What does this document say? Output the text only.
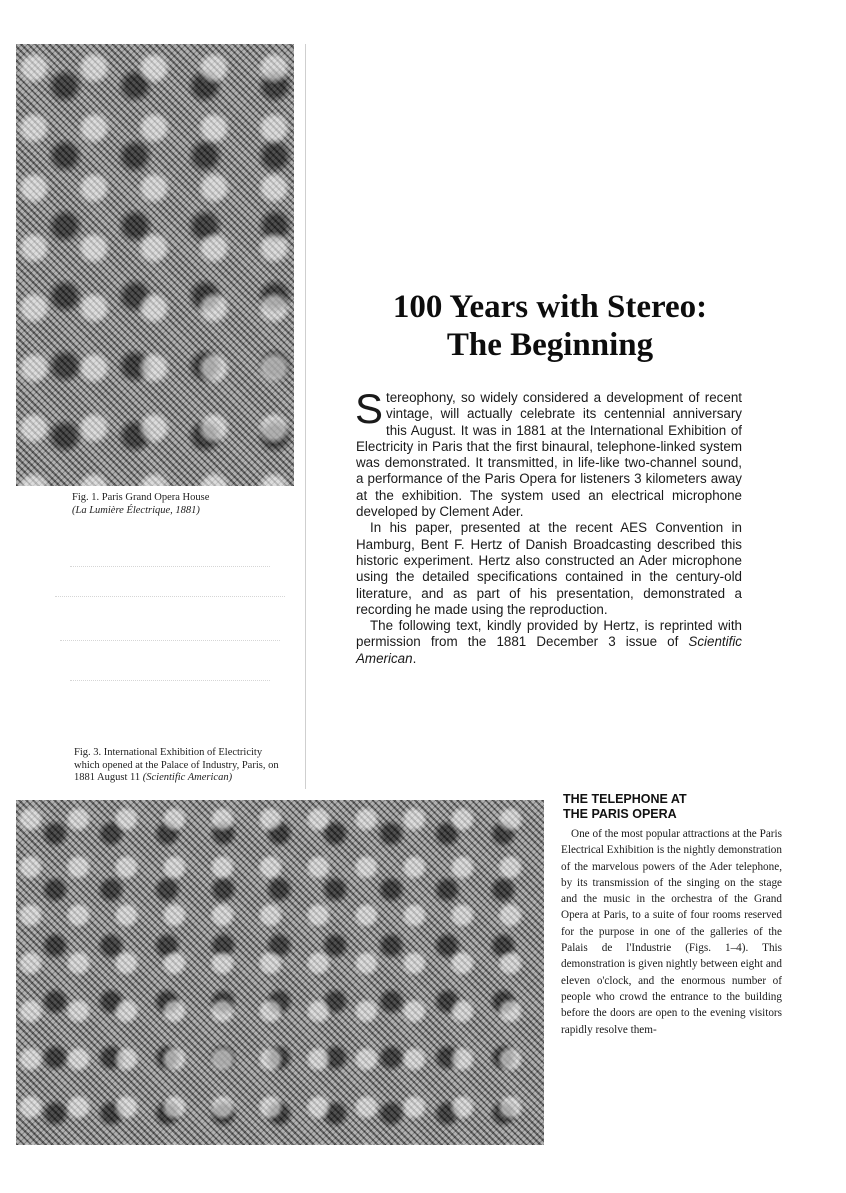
Fig. 1. Paris Grand Opera House
(La Lumière Électrique, 1881)
Fig. 3. International Exhibition of Electricity which opened at the Palace of Industry, Paris, on 1881 August 11 (Scientific American)
100 Years with Stereo:
The Beginning

Stereophony, so widely considered a development of recent vintage, will actually celebrate its centennial anniversary this August. It was in 1881 at the International Exhibition of Electricity in Paris that the first binaural, telephone-linked system was demonstrated. It transmitted, in life-like two-channel sound, a performance of the Paris Opera for listeners 3 kilometers away at the exhibition. The system used an electrical microphone developed by Clement Ader.

In his paper, presented at the recent AES Convention in Hamburg, Bent F. Hertz of Danish Broadcasting described this historic experiment. Hertz also constructed an Ader microphone using the detailed specifications contained in the century-old literature, and as part of his presentation, demonstrated a recording he made using the reproduction.

The following text, kindly provided by Hertz, is reprinted with permission from the 1881 December 3 issue of Scientific American.

THE TELEPHONE AT
THE PARIS OPERA

One of the most popular attractions at the Paris Electrical Exhibition is the nightly demonstration of the marvelous powers of the Ader telephone, by its transmission of the singing on the stage and the music in the orchestra of the Grand Opera at Paris, to a suite of four rooms reserved for the purpose in one of the galleries of the Palais de l'Industrie (Figs. 1–4). This demonstration is given nightly between eight and eleven o'clock, and the enormous number of people who crowd the entrance to the building before the doors are open to the evening visitors rapidly resolve them-
